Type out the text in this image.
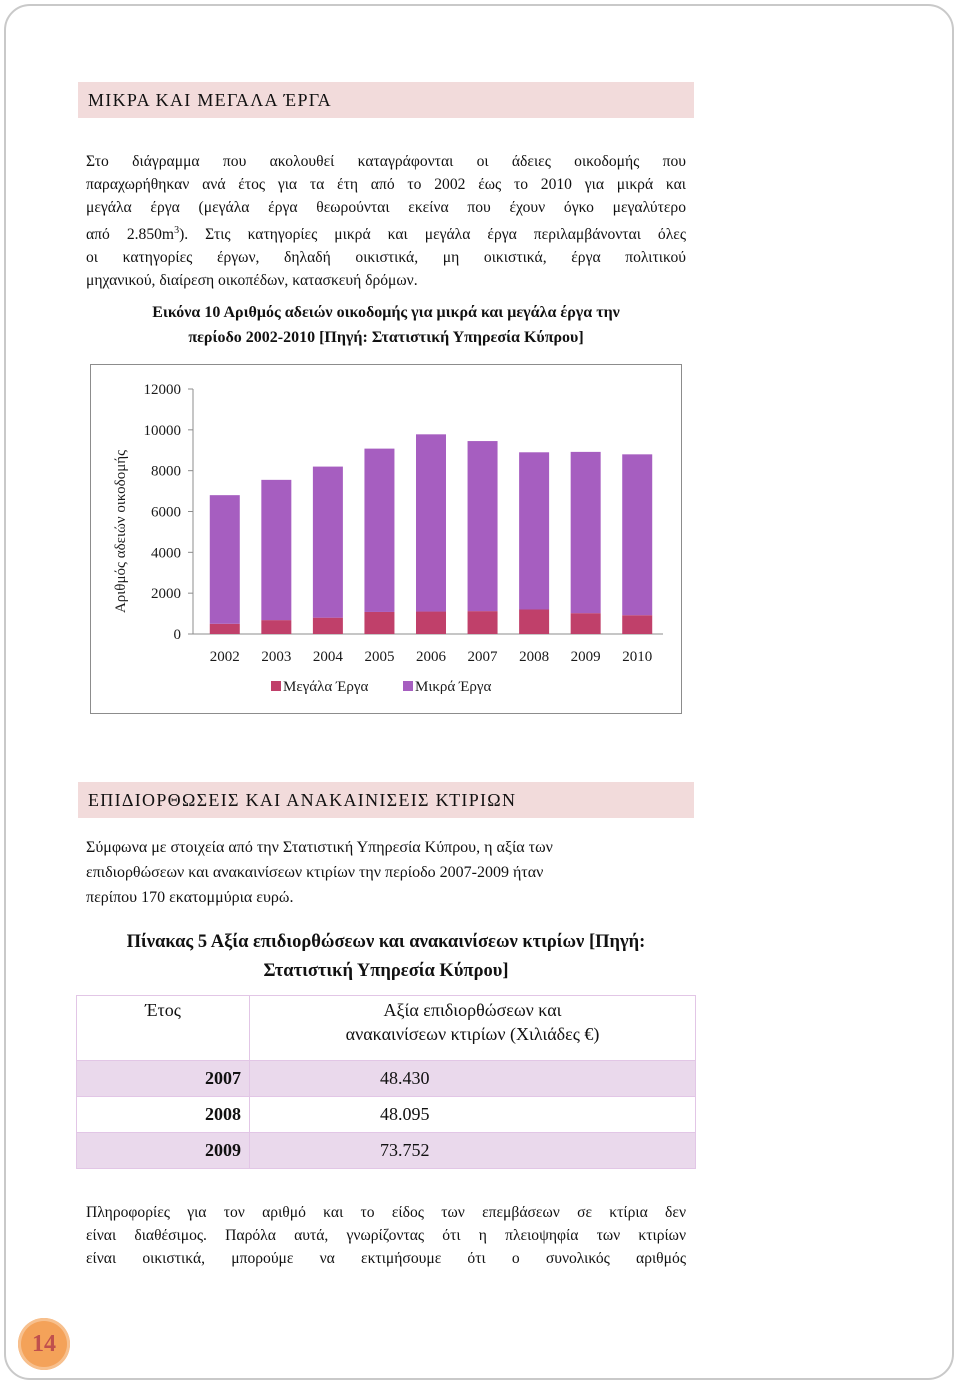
ΜΙΚΡΑ ΚΑΙ ΜΕΓΑΛΑ ΈΡΓΑ
Στο διάγραμμα που ακολουθεί καταγράφονται οι άδειες οικοδομής που
παραχωρήθηκαν ανά έτος για τα έτη από το 2002 έως το 2010 για μικρά και
μεγάλα έργα (μεγάλα έργα θεωρούνται εκείνα που έχουν όγκο μεγαλύτερο
από $2.850m^3$). Στις κατηγορίες μικρά και μεγάλα έργα περιλαμβάνονται όλες
οι κατηγορίες έργων, δηλαδή οικιστικά, μη οικιστικά, έργα πολιτικού
μηχανικού, διαίρεση οικοπέδων, κατασκευή δρόμων.
Εικόνα 10 Αριθμός αδειών οικοδομής για μικρά και μεγάλα έργα την
περίοδο 2002-2010 [Πηγή: Στατιστική Υπηρεσία Κύπρου]
0
2000
4000
6000
8000
10000
12000
Αριθμός αδειών οικοδομής
2002 2003 2004 2005 2006 2007 2008 2009 2010
Μεγάλα Έργα	Μικρά Έργα
ΕΠΙΔΙΟΡΘΩΣΕΙΣ ΚΑΙ ΑΝΑΚΑΙΝΙΣΕΙΣ ΚΤΙΡΙΩΝ
Σύμφωνα με στοιχεία από την Στατιστική Υπηρεσία Κύπρου, η αξία των
επιδιορθώσεων και ανακαινίσεων κτιρίων την περίοδο 2007-2009 ήταν
περίπου 170 εκατομμύρια ευρώ.
Πίνακας 5 Αξία επιδιορθώσεων και ανακαινίσεων κτιρίων [Πηγή:
Στατιστική Υπηρεσία Κύπρου]
Έτος	Αξία επιδιορθώσεων και
ανακαινίσεων κτιρίων (Χιλιάδες €)

2007	48.430
2008	48.095
2009	73.752
Πληροφορίες για τον αριθμό και το είδος των επεμβάσεων σε κτίρια δεν
είναι διαθέσιμος. Παρόλα αυτά, γνωρίζοντας ότι η πλειοψηφία των κτιρίων
είναι οικιστικά, μπορούμε να εκτιμήσουμε ότι ο συνολικός αριθμός
14
